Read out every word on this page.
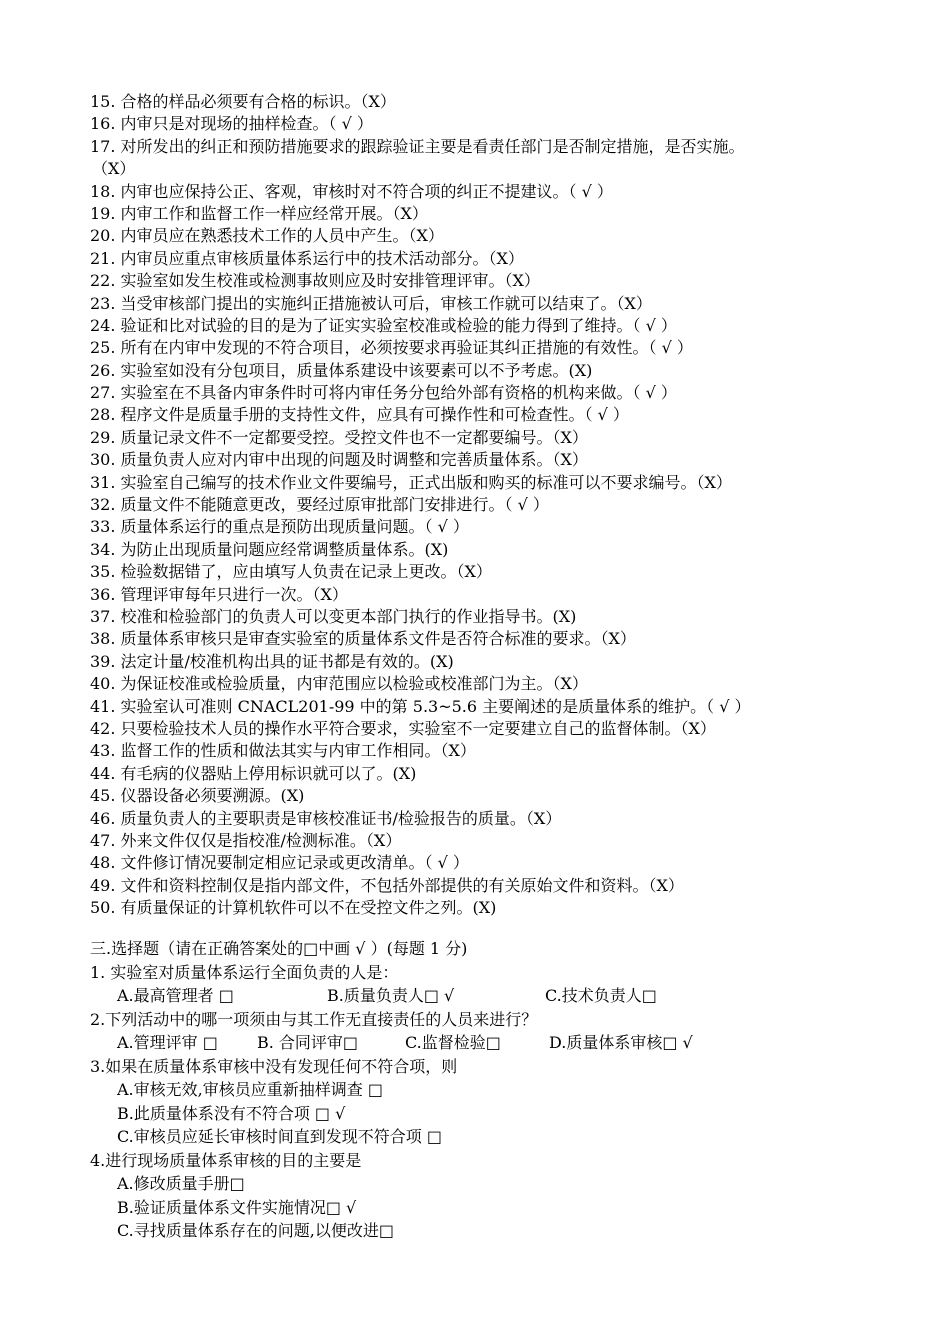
15. 合格的样品必须要有合格的标识。（X）
16. 内审只是对现场的抽样检查。（ √ ）
17. 对所发出的纠正和预防措施要求的跟踪验证主要是看责任部门是否制定措施，是否实施。
（X）
18. 内审也应保持公正、客观，审核时对不符合项的纠正不提建议。（ √ ）
19. 内审工作和监督工作一样应经常开展。（X）
20. 内审员应在熟悉技术工作的人员中产生。（X）
21. 内审员应重点审核质量体系运行中的技术活动部分。（X）
22. 实验室如发生校准或检测事故则应及时安排管理评审。（X）
23. 当受审核部门提出的实施纠正措施被认可后，审核工作就可以结束了。（X）
24. 验证和比对试验的目的是为了证实实验室校准或检验的能力得到了维持。（ √ ）
25. 所有在内审中发现的不符合项目，必须按要求再验证其纠正措施的有效性。（ √ ）
26. 实验室如没有分包项目，质量体系建设中该要素可以不予考虑。(X)
27. 实验室在不具备内审条件时可将内审任务分包给外部有资格的机构来做。（ √ ）
28. 程序文件是质量手册的支持性文件，应具有可操作性和可检查性。（ √ ）
29. 质量记录文件不一定都要受控。受控文件也不一定都要编号。（X）
30. 质量负责人应对内审中出现的问题及时调整和完善质量体系。（X）
31. 实验室自己编写的技术作业文件要编号，正式出版和购买的标准可以不要求编号。（X）
32. 质量文件不能随意更改，要经过原审批部门安排进行。（ √ ）
33. 质量体系运行的重点是预防出现质量问题。（ √ ）
34. 为防止出现质量问题应经常调整质量体系。(X)
35. 检验数据错了，应由填写人负责在记录上更改。（X）
36. 管理评审每年只进行一次。（X）
37. 校准和检验部门的负责人可以变更本部门执行的作业指导书。(X)
38. 质量体系审核只是审查实验室的质量体系文件是否符合标准的要求。（X）
39. 法定计量/校准机构出具的证书都是有效的。(X)
40. 为保证校准或检验质量，内审范围应以检验或校准部门为主。（X）
41. 实验室认可准则 CNACL201-99 中的第 5.3~5.6 主要阐述的是质量体系的维护。（ √ ）
42. 只要检验技术人员的操作水平符合要求，实验室不一定要建立自己的监督体制。（X）
43. 监督工作的性质和做法其实与内审工作相同。（X）
44. 有毛病的仪器贴上停用标识就可以了。(X)
45. 仪器设备必须要溯源。(X)
46. 质量负责人的主要职责是审核校准证书/检验报告的质量。（X）
47. 外来文件仅仅是指校准/检测标准。（X）
48. 文件修订情况要制定相应记录或更改清单。（ √ ）
49. 文件和资料控制仅是指内部文件，不包括外部提供的有关原始文件和资料。（X）
50. 有质量保证的计算机软件可以不在受控文件之列。(X)
三.选择题（请在正确答案处的□中画 √ ）(每题 1 分)
1. 实验室对质量体系运行全面负责的人是：
A.最高管理者 □	B.质量负责人□ √	C.技术负责人□
2.下列活动中的哪一项须由与其工作无直接责任的人员来进行？
A.管理评审 □ B. 合同评审□	C.监督检验□	D.质量体系审核□ √
3.如果在质量体系审核中没有发现任何不符合项，则
A.审核无效,审核员应重新抽样调查 □
B.此质量体系没有不符合项 □ √
C.审核员应延长审核时间直到发现不符合项 □
4.进行现场质量体系审核的目的主要是
A.修改质量手册□
B.验证质量体系文件实施情况□ √
C.寻找质量体系存在的问题,以便改进□
